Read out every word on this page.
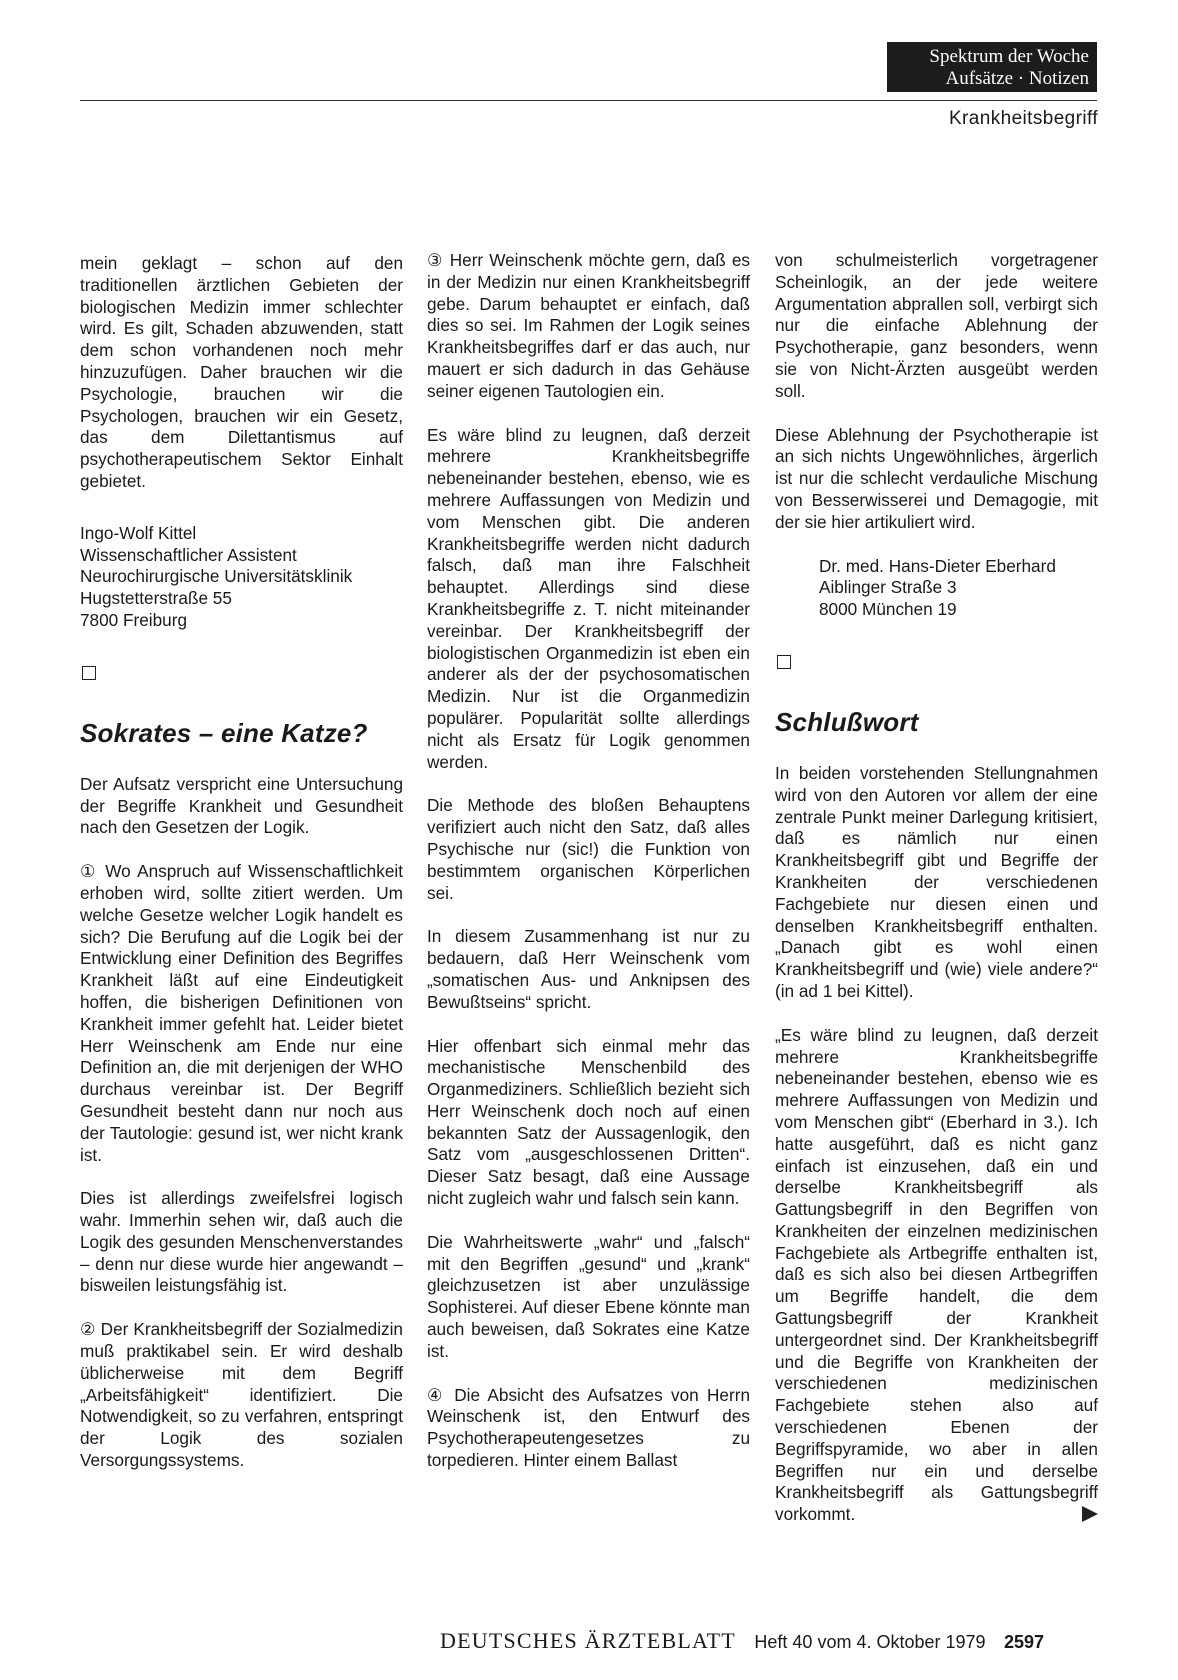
Spektrum der Woche
Aufsätze · Notizen
Krankheitsbegriff

mein geklagt – schon auf den traditionellen ärztlichen Gebieten der biologischen Medizin immer schlechter wird. Es gilt, Schaden abzuwenden, statt dem schon vorhandenen noch mehr hinzuzufügen. Daher brauchen wir die Psychologie, brauchen wir die Psychologen, brauchen wir ein Gesetz, das dem Dilettantismus auf psychotherapeutischem Sektor Einhalt gebietet.

Ingo-Wolf Kittel
Wissenschaftlicher Assistent
Neurochirurgische Universitätsklinik
Hugstetterstraße 55
7800 Freiburg
Sokrates – eine Katze?

Der Aufsatz verspricht eine Untersuchung der Begriffe Krankheit und Gesundheit nach den Gesetzen der Logik.

① Wo Anspruch auf Wissenschaftlichkeit erhoben wird, sollte zitiert werden. Um welche Gesetze welcher Logik handelt es sich? Die Berufung auf die Logik bei der Entwicklung einer Definition des Begriffes Krankheit läßt auf eine Eindeutigkeit hoffen, die bisherigen Definitionen von Krankheit immer gefehlt hat. Leider bietet Herr Weinschenk am Ende nur eine Definition an, die mit derjenigen der WHO durchaus vereinbar ist. Der Begriff Gesundheit besteht dann nur noch aus der Tautologie: gesund ist, wer nicht krank ist.

Dies ist allerdings zweifelsfrei logisch wahr. Immerhin sehen wir, daß auch die Logik des gesunden Menschenverstandes – denn nur diese wurde hier angewandt – bisweilen leistungsfähig ist.

② Der Krankheitsbegriff der Sozialmedizin muß praktikabel sein. Er wird deshalb üblicherweise mit dem Begriff „Arbeitsfähigkeit“ identifiziert. Die Notwendigkeit, so zu verfahren, entspringt der Logik des sozialen Versorgungssystems.

③ Herr Weinschenk möchte gern, daß es in der Medizin nur einen Krankheitsbegriff gebe. Darum behauptet er einfach, daß dies so sei. Im Rahmen der Logik seines Krankheitsbegriffes darf er das auch, nur mauert er sich dadurch in das Gehäuse seiner eigenen Tautologien ein.

Es wäre blind zu leugnen, daß derzeit mehrere Krankheitsbegriffe nebeneinander bestehen, ebenso, wie es mehrere Auffassungen von Medizin und vom Menschen gibt. Die anderen Krankheitsbegriffe werden nicht dadurch falsch, daß man ihre Falschheit behauptet. Allerdings sind diese Krankheitsbegriffe z. T. nicht miteinander vereinbar. Der Krankheitsbegriff der biologistischen Organmedizin ist eben ein anderer als der der psychosomatischen Medizin. Nur ist die Organmedizin populärer. Popularität sollte allerdings nicht als Ersatz für Logik genommen werden.

Die Methode des bloßen Behauptens verifiziert auch nicht den Satz, daß alles Psychische nur (sic!) die Funktion von bestimmtem organischen Körperlichen sei.

In diesem Zusammenhang ist nur zu bedauern, daß Herr Weinschenk vom „somatischen Aus- und Anknipsen des Bewußtseins“ spricht.

Hier offenbart sich einmal mehr das mechanistische Menschenbild des Organmediziners. Schließlich bezieht sich Herr Weinschenk doch noch auf einen bekannten Satz der Aussagenlogik, den Satz vom „ausgeschlossenen Dritten“. Dieser Satz besagt, daß eine Aussage nicht zugleich wahr und falsch sein kann.

Die Wahrheitswerte „wahr“ und „falsch“ mit den Begriffen „gesund“ und „krank“ gleichzusetzen ist aber unzulässige Sophisterei. Auf dieser Ebene könnte man auch beweisen, daß Sokrates eine Katze ist.

④ Die Absicht des Aufsatzes von Herrn Weinschenk ist, den Entwurf des Psychotherapeutengesetzes zu torpedieren. Hinter einem Ballast

von schulmeisterlich vorgetragener Scheinlogik, an der jede weitere Argumentation abprallen soll, verbirgt sich nur die einfache Ablehnung der Psychotherapie, ganz besonders, wenn sie von Nicht-Ärzten ausgeübt werden soll.

Diese Ablehnung der Psychotherapie ist an sich nichts Ungewöhnliches, ärgerlich ist nur die schlecht verdauliche Mischung von Besserwisserei und Demagogie, mit der sie hier artikuliert wird.

Dr. med. Hans-Dieter Eberhard
Aiblinger Straße 3
8000 München 19
Schlußwort

In beiden vorstehenden Stellungnahmen wird von den Autoren vor allem der eine zentrale Punkt meiner Darlegung kritisiert, daß es nämlich nur einen Krankheitsbegriff gibt und Begriffe der Krankheiten der verschiedenen Fachgebiete nur diesen einen und denselben Krankheitsbegriff enthalten. „Danach gibt es wohl einen Krankheitsbegriff und (wie) viele andere?“ (in ad 1 bei Kittel).

„Es wäre blind zu leugnen, daß derzeit mehrere Krankheitsbegriffe nebeneinander bestehen, ebenso wie es mehrere Auffassungen von Medizin und vom Menschen gibt“ (Eberhard in 3.). Ich hatte ausgeführt, daß es nicht ganz einfach ist einzusehen, daß ein und derselbe Krankheitsbegriff als Gattungsbegriff in den Begriffen von Krankheiten der einzelnen medizinischen Fachgebiete als Artbegriffe enthalten ist, daß es sich also bei diesen Artbegriffen um Begriffe handelt, die dem Gattungsbegriff der Krankheit untergeordnet sind. Der Krankheitsbegriff und die Begriffe von Krankheiten der verschiedenen medizinischen Fachgebiete stehen also auf verschiedenen Ebenen der Begriffspyramide, wo aber in allen Begriffen nur ein und derselbe Krankheitsbegriff als Gattungsbegriff vorkommt.

DEUTSCHES ÄRZTEBLATT Heft 40 vom 4. Oktober 1979 2597
